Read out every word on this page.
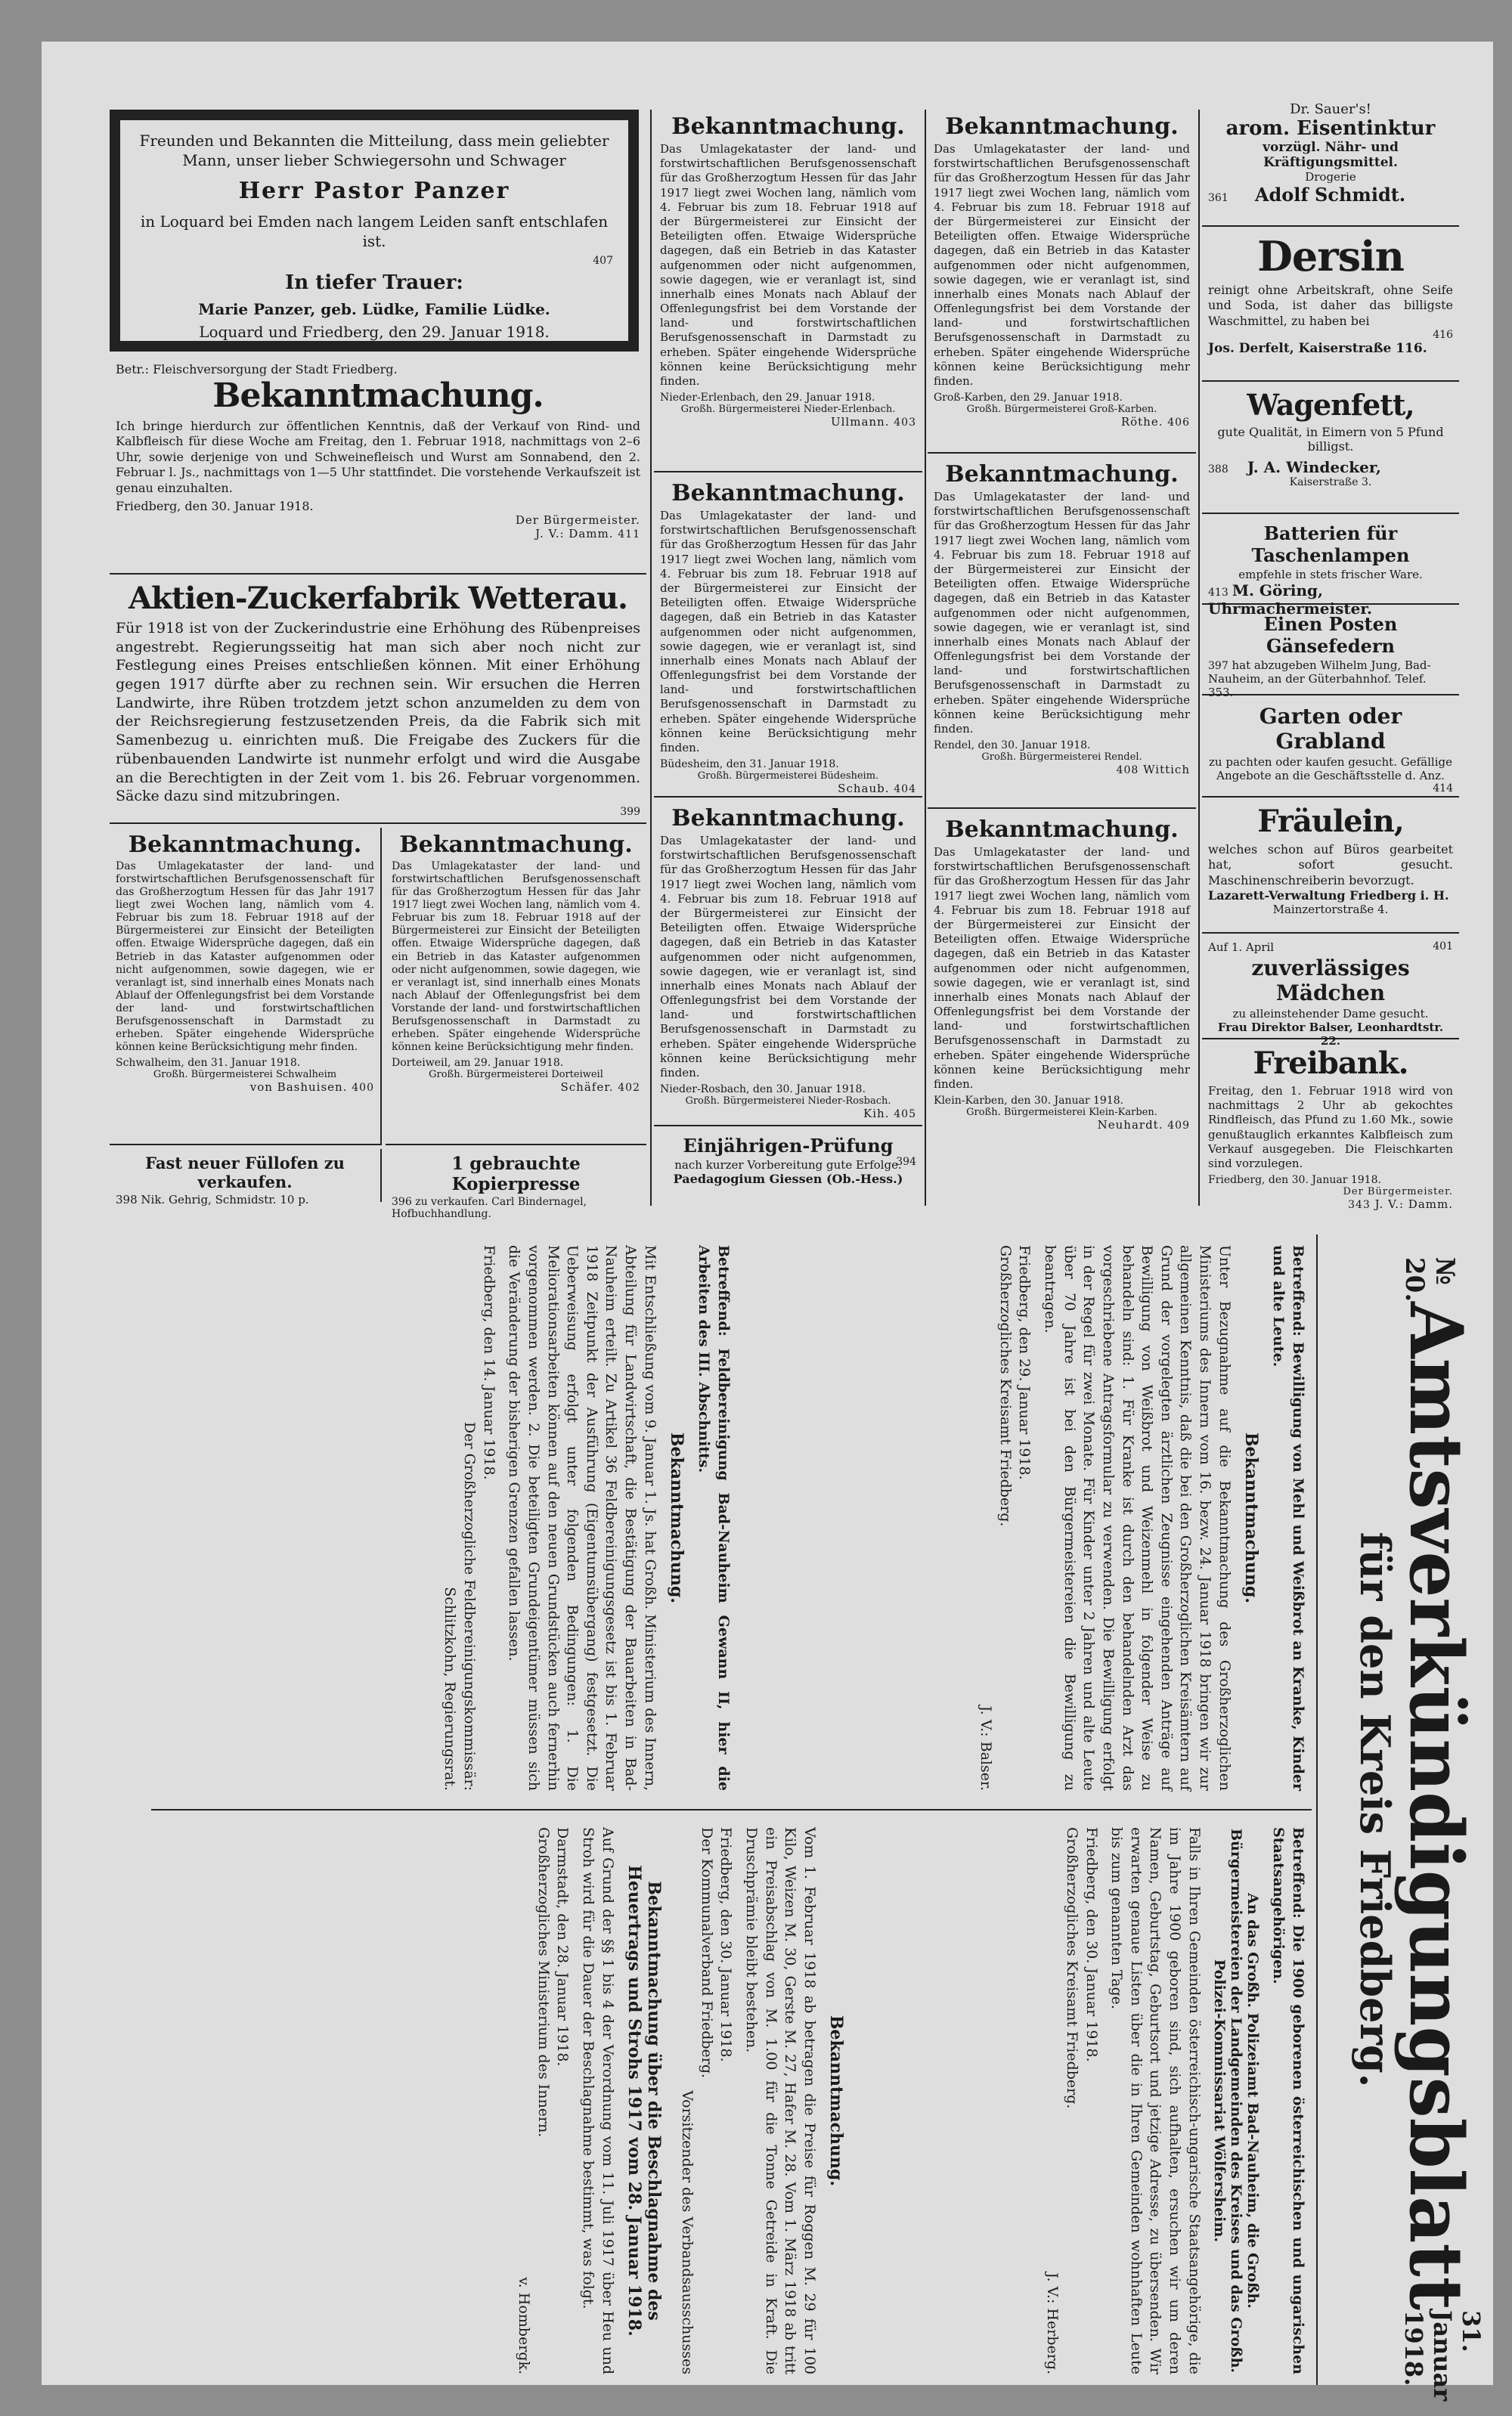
Freunden und Bekannten die Mitteilung, dass mein geliebter Mann, unser lieber Schwiegersohn und Schwager

Herr Pastor Panzer

in Loquard bei Emden nach langem Leiden sanft entschlafen ist.

407

In tiefer Trauer:

Marie Panzer, geb. Lüdke, Familie Lüdke.

Loquard und Friedberg, den 29. Januar 1918.

Betr.: Fleischversorgung der Stadt Friedberg.
Bekanntmachung.
Ich bringe hierdurch zur öffentlichen Kenntnis, daß der Verkauf von Rind- und Kalbfleisch für diese Woche am Freitag, den 1. Februar 1918, nachmittags von 2–6 Uhr, sowie derjenige von und Schweinefleisch und Wurst am Sonnabend, den 2. Februar l. Js., nachmittags von 1—5 Uhr stattfindet. Die vorstehende Verkaufszeit ist genau einzuhalten.
Friedberg, den 30. Januar 1918.
Der Bürgermeister.
J. V.: Damm. 411
Aktien-Zuckerfabrik Wetterau.
Für 1918 ist von der Zuckerindustrie eine Erhöhung des Rübenpreises angestrebt. Regierungsseitig hat man sich aber noch nicht zur Festlegung eines Preises entschließen können. Mit einer Erhöhung gegen 1917 dürfte aber zu rechnen sein. Wir ersuchen die Herren Landwirte, ihre Rüben trotzdem jetzt schon anzumelden zu dem von der Reichsregierung festzusetzenden Preis, da die Fabrik sich mit Samenbezug u. einrichten muß. Die Freigabe des Zuckers für die rübenbauenden Landwirte ist nunmehr erfolgt und wird die Ausgabe an die Berechtigten in der Zeit vom 1. bis 26. Februar vorgenommen. Säcke dazu sind mitzubringen.
399
Bekanntmachung.
Das Umlagekataster der land- und forstwirtschaftlichen Berufsgenossenschaft für das Großherzogtum Hessen für das Jahr 1917 liegt zwei Wochen lang, nämlich vom 4. Februar bis zum 18. Februar 1918 auf der Bürgermeisterei zur Einsicht der Beteiligten offen. Etwaige Widersprüche dagegen, daß ein Betrieb in das Kataster aufgenommen oder nicht aufgenommen, sowie dagegen, wie er veranlagt ist, sind innerhalb eines Monats nach Ablauf der Offenlegungsfrist bei dem Vorstande der land- und forstwirtschaftlichen Berufsgenossenschaft in Darmstadt zu erheben. Später eingehende Widersprüche können keine Berücksichtigung mehr finden.
Schwalheim, den 31. Januar 1918.
Großh. Bürgermeisterei Schwalheim
von Bashuisen. 400
Bekanntmachung.
Das Umlagekataster der land- und forstwirtschaftlichen Berufsgenossenschaft für das Großherzogtum Hessen für das Jahr 1917 liegt zwei Wochen lang, nämlich vom 4. Februar bis zum 18. Februar 1918 auf der Bürgermeisterei zur Einsicht der Beteiligten offen. Etwaige Widersprüche dagegen, daß ein Betrieb in das Kataster aufgenommen oder nicht aufgenommen, sowie dagegen, wie er veranlagt ist, sind innerhalb eines Monats nach Ablauf der Offenlegungsfrist bei dem Vorstande der land- und forstwirtschaftlichen Berufsgenossenschaft in Darmstadt zu erheben. Später eingehende Widersprüche können keine Berücksichtigung mehr finden.
Dorteiweil, am 29. Januar 1918.
Großh. Bürgermeisterei Dorteiweil
Schäfer. 402
Fast neuer Füllofen zu verkaufen.
398 Nik. Gehrig, Schmidstr. 10 p.
1 gebrauchte Kopierpresse
396 zu verkaufen. Carl Bindernagel, Hofbuchhandlung.
Bekanntmachung.
Das Umlagekataster der land- und forstwirtschaftlichen Berufsgenossenschaft für das Großherzogtum Hessen für das Jahr 1917 liegt zwei Wochen lang, nämlich vom 4. Februar bis zum 18. Februar 1918 auf der Bürgermeisterei zur Einsicht der Beteiligten offen. Etwaige Widersprüche dagegen, daß ein Betrieb in das Kataster aufgenommen oder nicht aufgenommen, sowie dagegen, wie er veranlagt ist, sind innerhalb eines Monats nach Ablauf der Offenlegungsfrist bei dem Vorstande der land- und forstwirtschaftlichen Berufsgenossenschaft in Darmstadt zu erheben. Später eingehende Widersprüche können keine Berücksichtigung mehr finden.
Nieder-Erlenbach, den 29. Januar 1918.
Großh. Bürgermeisterei Nieder-Erlenbach.
Ullmann. 403
Bekanntmachung.
Das Umlagekataster der land- und forstwirtschaftlichen Berufsgenossenschaft für das Großherzogtum Hessen für das Jahr 1917 liegt zwei Wochen lang, nämlich vom 4. Februar bis zum 18. Februar 1918 auf der Bürgermeisterei zur Einsicht der Beteiligten offen. Etwaige Widersprüche dagegen, daß ein Betrieb in das Kataster aufgenommen oder nicht aufgenommen, sowie dagegen, wie er veranlagt ist, sind innerhalb eines Monats nach Ablauf der Offenlegungsfrist bei dem Vorstande der land- und forstwirtschaftlichen Berufsgenossenschaft in Darmstadt zu erheben. Später eingehende Widersprüche können keine Berücksichtigung mehr finden.
Büdesheim, den 31. Januar 1918.
Großh. Bürgermeisterei Büdesheim.
Schaub. 404
Bekanntmachung.
Das Umlagekataster der land- und forstwirtschaftlichen Berufsgenossenschaft für das Großherzogtum Hessen für das Jahr 1917 liegt zwei Wochen lang, nämlich vom 4. Februar bis zum 18. Februar 1918 auf der Bürgermeisterei zur Einsicht der Beteiligten offen. Etwaige Widersprüche dagegen, daß ein Betrieb in das Kataster aufgenommen oder nicht aufgenommen, sowie dagegen, wie er veranlagt ist, sind innerhalb eines Monats nach Ablauf der Offenlegungsfrist bei dem Vorstande der land- und forstwirtschaftlichen Berufsgenossenschaft in Darmstadt zu erheben. Später eingehende Widersprüche können keine Berücksichtigung mehr finden.
Nieder-Rosbach, den 30. Januar 1918.
Großh. Bürgermeisterei Nieder-Rosbach.
Kih. 405
Einjährigen-Prüfung
nach kurzer Vorbereitung gute Erfolge.
Paedagogium Giessen (Ob.-Hess.)
394
Bekanntmachung.
Das Umlagekataster der land- und forstwirtschaftlichen Berufsgenossenschaft für das Großherzogtum Hessen für das Jahr 1917 liegt zwei Wochen lang, nämlich vom 4. Februar bis zum 18. Februar 1918 auf der Bürgermeisterei zur Einsicht der Beteiligten offen. Etwaige Widersprüche dagegen, daß ein Betrieb in das Kataster aufgenommen oder nicht aufgenommen, sowie dagegen, wie er veranlagt ist, sind innerhalb eines Monats nach Ablauf der Offenlegungsfrist bei dem Vorstande der land- und forstwirtschaftlichen Berufsgenossenschaft in Darmstadt zu erheben. Später eingehende Widersprüche können keine Berücksichtigung mehr finden.
Groß-Karben, den 29. Januar 1918.
Großh. Bürgermeisterei Groß-Karben.
Röthe. 406
Bekanntmachung.
Das Umlagekataster der land- und forstwirtschaftlichen Berufsgenossenschaft für das Großherzogtum Hessen für das Jahr 1917 liegt zwei Wochen lang, nämlich vom 4. Februar bis zum 18. Februar 1918 auf der Bürgermeisterei zur Einsicht der Beteiligten offen. Etwaige Widersprüche dagegen, daß ein Betrieb in das Kataster aufgenommen oder nicht aufgenommen, sowie dagegen, wie er veranlagt ist, sind innerhalb eines Monats nach Ablauf der Offenlegungsfrist bei dem Vorstande der land- und forstwirtschaftlichen Berufsgenossenschaft in Darmstadt zu erheben. Später eingehende Widersprüche können keine Berücksichtigung mehr finden.
Rendel, den 30. Januar 1918.
Großh. Bürgermeisterei Rendel.
408 Wittich
Bekanntmachung.
Das Umlagekataster der land- und forstwirtschaftlichen Berufsgenossenschaft für das Großherzogtum Hessen für das Jahr 1917 liegt zwei Wochen lang, nämlich vom 4. Februar bis zum 18. Februar 1918 auf der Bürgermeisterei zur Einsicht der Beteiligten offen. Etwaige Widersprüche dagegen, daß ein Betrieb in das Kataster aufgenommen oder nicht aufgenommen, sowie dagegen, wie er veranlagt ist, sind innerhalb eines Monats nach Ablauf der Offenlegungsfrist bei dem Vorstande der land- und forstwirtschaftlichen Berufsgenossenschaft in Darmstadt zu erheben. Später eingehende Widersprüche können keine Berücksichtigung mehr finden.
Klein-Karben, den 30. Januar 1918.
Großh. Bürgermeisterei Klein-Karben.
Neuhardt. 409
Dr. Sauer's!
arom. Eisentinktur
vorzügl. Nähr- und Kräftigungsmittel.
Drogerie
361 Adolf Schmidt.
Dersin
reinigt ohne Arbeitskraft, ohne Seife und Soda, ist daher das billigste Waschmittel, zu haben bei
416
Jos. Derfelt, Kaiserstraße 116.
Wagenfett,
gute Qualität, in Eimern von 5 Pfund billigst.
388 J. A. Windecker,
Kaiserstraße 3.
Batterien für Taschenlampen
empfehle in stets frischer Ware.
413 M. Göring, Uhrmachermeister.
Einen Posten Gänsefedern
397 hat abzugeben Wilhelm Jung, Bad-Nauheim, an der Güterbahnhof. Telef. 353.
Garten oder Grabland
zu pachten oder kaufen gesucht. Gefällige Angebote an die Geschäftsstelle d. Anz.
414
Fräulein,
welches schon auf Büros gearbeitet hat, sofort gesucht. Maschinenschreiberin bevorzugt.
Lazarett-Verwaltung Friedberg i. H.
Mainzertorstraße 4.
Auf 1. April	401
zuverlässiges Mädchen
zu alleinstehender Dame gesucht.
Frau Direktor Balser, Leonhardtstr. 22.
Freibank.
Freitag, den 1. Februar 1918 wird von nachmittags 2 Uhr ab gekochtes Rindfleisch, das Pfund zu 1.60 Mk., sowie genußtauglich erkanntes Kalbfleisch zum Verkauf ausgegeben. Die Fleischkarten sind vorzulegen.
Friedberg, den 30. Januar 1918.
Der Bürgermeister.
343 J. V.: Damm.
№ 20.
Amtsverkündigungsblatt
31. Januar 1918.
für den Kreis Friedberg.
Betreffend: Bewilligung von Mehl und Weißbrot an Kranke, Kinder und alte Leute.
Bekanntmachung.
Unter Bezugnahme auf die Bekanntmachung des Großherzoglichen Ministeriums des Innern vom 16. bezw. 24. Januar 1918 bringen wir zur allgemeinen Kenntnis, daß die bei den Großherzoglichen Kreisämtern auf Grund der vorgelegten ärztlichen Zeugnisse eingehenden Anträge auf Bewilligung von Weißbrot und Weizenmehl in folgender Weise zu behandeln sind: 1. Für Kranke ist durch den behandelnden Arzt das vorgeschriebene Antragsformular zu verwenden. Die Bewilligung erfolgt in der Regel für zwei Monate. Für Kinder unter 2 Jahren und alte Leute über 70 Jahre ist bei den Bürgermeistereien die Bewilligung zu beantragen.
Friedberg, den 29. Januar 1918.
Großherzogliches Kreisamt Friedberg.
J. V.: Balser.
Betreffend: Feldbereinigung Bad-Nauheim Gewann II, hier die Arbeiten des III. Abschnitts.
Bekanntmachung.
Mit Entschließung vom 9. Januar 1. Js. hat Großh. Ministerium des Innern, Abteilung für Landwirtschaft, die Bestätigung der Bauarbeiten in Bad-Nauheim erteilt. Zu Artikel 36 Feldbereinigungsgesetz ist bis 1. Februar 1918 Zeitpunkt der Ausführung (Eigentumsübergang) festgesetzt. Die Ueberweisung erfolgt unter folgenden Bedingungen: 1. Die Meliorationsarbeiten können auf den neuen Grundstücken auch fernerhin vorgenommen werden. 2. Die beteiligten Grundeigentümer müssen sich die Veränderung der bisherigen Grenzen gefallen lassen.
Friedberg, den 14. Januar 1918.
Der Großherzogliche Feldbereinigungskommissär:
Schlitzkohn, Regierungsrat.
Betreffend: Die 1900 geborenen österreichischen und ungarischen Staatsangehörigen.
An das Großh. Polizeiamt Bad-Nauheim, die Großh. Bürgermeistereien der Landgemeinden des Kreises und das Großh. Polizei-Kommissariat Wölfersheim.
Falls in Ihren Gemeinden österreichisch-ungarische Staatsangehörige, die im Jahre 1900 geboren sind, sich aufhalten, ersuchen wir um deren Namen, Geburtstag, Geburtsort und jetzige Adresse, zu übersenden. Wir erwarten genaue Listen über die in Ihren Gemeinden wohnhaften Leute bis zum genannten Tage.
Friedberg, den 30. Januar 1918.
Großherzogliches Kreisamt Friedberg.
J. V.: Herberg.
Bekanntmachung.
Vom 1. Februar 1918 ab betragen die Preise für Roggen M. 29 für 100 Kilo, Weizen M. 30, Gerste M. 27, Hafer M. 28. Vom 1. März 1918 ab tritt ein Preisabschlag von M. 1.00 für die Tonne Getreide in Kraft. Die Druschprämie bleibt bestehen.
Friedberg, den 30. Januar 1918.
Der Kommunalverband Friedberg.
Vorsitzender des Verbandsausschusses
Bekanntmachung über die Beschlagnahme des Heuertrags und Strohs 1917 vom 28. Januar 1918.
Auf Grund der §§ 1 bis 4 der Verordnung vom 11. Juli 1917 über Heu und Stroh wird für die Dauer der Beschlagnahme bestimmt, was folgt.
Darmstadt, den 28. Januar 1918.
Großherzogliches Ministerium des Innern.
v. Hombergk.
